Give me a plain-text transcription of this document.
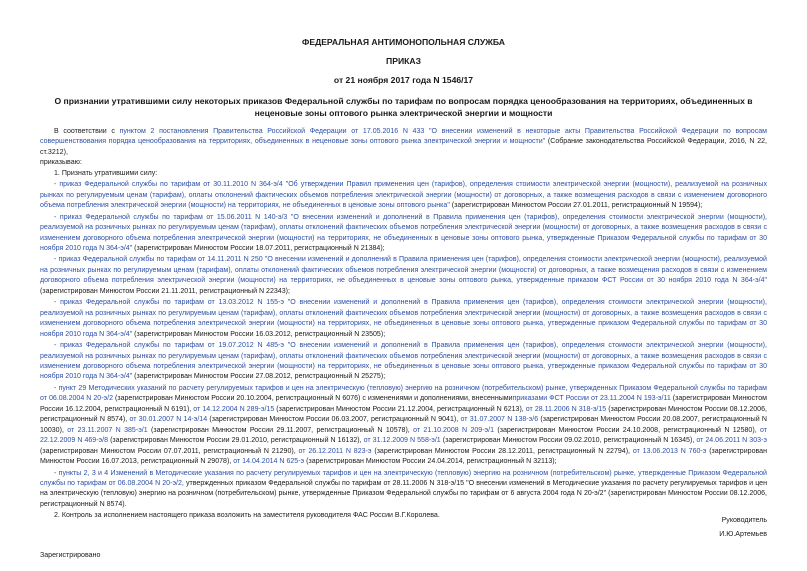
ФЕДЕРАЛЬНАЯ АНТИМОНОПОЛЬНАЯ СЛУЖБА
ПРИКАЗ
от 21 ноября 2017 года N 1546/17
О признании утратившими силу некоторых приказов Федеральной службы по тарифам по вопросам порядка ценообразования на территориях, объединенных в неценовые зоны оптового рынка электрической энергии и мощности

В соответствии с пунктом 2 постановления Правительства Российской Федерации от 17.05.2016 N 433 "О внесении изменений в некоторые акты Правительства Российской Федерации по вопросам совершенствования порядка ценообразования на территориях, объединенных в неценовые зоны оптового рынка электрической энергии и мощности" (Собрание законодательства Российской Федерации, 2016, N 22, ст.3212),

приказываю:

1. Признать утратившими силу:

- приказ Федеральной службы по тарифам от 30.11.2010 N 364-э/4 "Об утверждении Правил применения цен (тарифов), определения стоимости электрической энергии (мощности), реализуемой на розничных рынках по регулируемым ценам (тарифам), оплаты отклонений фактических объемов потребления электрической энергии (мощности) от договорных, а также возмещения расходов в связи с изменением договорного объема потребления электрической энергии (мощности) на территориях, не объединенных в ценовые зоны оптового рынка" (зарегистрирован Минюстом России 27.01.2011, регистрационный N 19594);

- приказ Федеральной службы по тарифам от 15.06.2011 N 140-э/3 "О внесении изменений и дополнений в Правила применения цен (тарифов), определения стоимости электрической энергии (мощности), реализуемой на розничных рынках по регулируемым ценам (тарифам), оплаты отклонений фактических объемов потребления электрической энергии (мощности) от договорных, а также возмещения расходов в связи с изменением договорного объема потребления электрической энергии (мощности) на территориях, не объединенных в ценовые зоны оптового рынка, утвержденные Приказом Федеральной службы по тарифам от 30 ноября 2010 года N 364-э/4" (зарегистрирован Минюстом России 18.07.2011, регистрационный N 21384);

- приказ Федеральной службы по тарифам от 14.11.2011 N 250 "О внесении изменений и дополнений в Правила применения цен (тарифов), определения стоимости электрической энергии (мощности), реализуемой на розничных рынках по регулируемым ценам (тарифам), оплаты отклонений фактических объемов потребления электрической энергии (мощности) от договорных, а также возмещения расходов в связи с изменением договорного объема потребления электрической энергии (мощности) на территориях, не объединенных в ценовые зоны оптового рынка, утвержденные приказом ФСТ России от 30 ноября 2010 года N 364-э/4" (зарегистрирован Минюстом России 21.11.2011, регистрационный N 22343);

- приказ Федеральной службы по тарифам от 13.03.2012 N 155-э "О внесении изменений и дополнений в Правила применения цен (тарифов), определения стоимости электрической энергии (мощности), реализуемой на розничных рынках по регулируемым ценам (тарифам), оплаты отклонений фактических объемов потребления электрической энергии (мощности) от договорных, а также возмещения расходов в связи с изменением договорного объема потребления электрической энергии (мощности) на территориях, не объединенных в ценовые зоны оптового рынка, утвержденные приказом Федеральной службы по тарифам от 30 ноября 2010 года N 364-э/4" (зарегистрирован Минюстом России 16.03.2012, регистрационный N 23505);

- приказ Федеральной службы по тарифам от 19.07.2012 N 485-э "О внесении изменений и дополнений в Правила применения цен (тарифов), определения стоимости электрической энергии (мощности), реализуемой на розничных рынках по регулируемым ценам (тарифам), оплаты отклонений фактических объемов потребления электрической энергии (мощности) от договорных, а также возмещения расходов в связи с изменением договорного объема потребления электрической энергии (мощности) на территориях, не объединенных в ценовые зоны оптового рынка, утвержденные приказом Федеральной службы по тарифам от 30 ноября 2010 года N 364-э/4" (зарегистрирован Минюстом России 27.08.2012, регистрационный N 25275);

- пункт 29 Методических указаний по расчету регулируемых тарифов и цен на электрическую (тепловую) энергию на розничном (потребительском) рынке, утвержденных Приказом Федеральной службы по тарифам от 06.08.2004 N 20-э/2 (зарегистрирован Минюстом России 20.10.2004, регистрационный N 6076) с изменениями и дополнениями, внесеннымиприказами ФСТ России от 23.11.2004 N 193-э/11 (зарегистрирован Минюстом России 16.12.2004, регистрационный N 6191), от 14.12.2004 N 289-э/15 (зарегистрирован Минюстом России 21.12.2004, регистрационный N 6213), от 28.11.2006 N 318-э/15 (зарегистрирован Минюстом России 08.12.2006, регистрационный N 8574), от 30.01.2007 N 14-э/14 (зарегистрирован Минюстом России 06.03.2007, регистрационный N 9041), от 31.07.2007 N 138-э/6 (зарегистрирован Минюстом России 20.08.2007, регистрационный N 10030), от 23.11.2007 N 385-э/1 (зарегистрирован Минюстом России 29.11.2007, регистрационный N 10578), от 21.10.2008 N 209-э/1 (зарегистрирован Минюстом России 24.10.2008, регистрационный N 12580), от 22.12.2009 N 469-э/8 (зарегистрирован Минюстом России 29.01.2010, регистрационный N 16132), от 31.12.2009 N 558-э/1 (зарегистрирован Минюстом России 09.02.2010, регистрационный N 16345), от 24.06.2011 N 303-э (зарегистрирован Минюстом России 07.07.2011, регистрационный N 21290), от 26.12.2011 N 823-э (зарегистрирован Минюстом России 28.12.2011, регистрационный N 22794), от 13.06.2013 N 760-э (зарегистрирован Минюстом России 16.07.2013, регистрационный N 29078), от 14.04.2014 N 625-э (зарегистрирован Минюстом России 24.04.2014, регистрационный N 32113);

- пункты 2, 3 и 4 Изменений в Методические указания по расчету регулируемых тарифов и цен на электрическую (тепловую) энергию на розничном (потребительском) рынке, утвержденные Приказом Федеральной службы по тарифам от 06.08.2004 N 20-э/2, утвержденных приказом Федеральной службы по тарифам от 28.11.2006 N 318-э/15 "О внесении изменений в Методические указания по расчету регулируемых тарифов и цен на электрическую (тепловую) энергию на розничном (потребительском) рынке, утвержденные Приказом Федеральной службы по тарифам от 6 августа 2004 года N 20-э/2" (зарегистрирован Минюстом России 08.12.2006, регистрационный N 8574).

2. Контроль за исполнением настоящего приказа возложить на заместителя руководителя ФАС России В.Г.Королева.

Руководитель
И.Ю.Артемьев
Зарегистрировано
